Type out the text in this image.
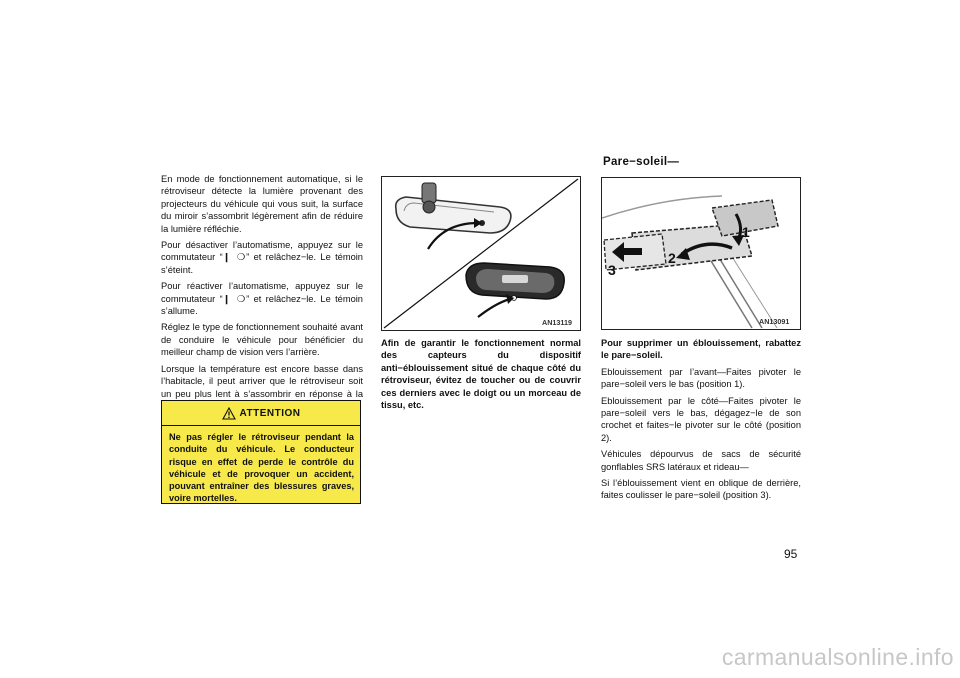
En mode de fonctionnement automatique, si le rétroviseur détecte la lumière provenant des projecteurs du véhicule qui vous suit, la surface du miroir s’assombrit légèrement afin de réduire la lumière réfléchie.

Pour désactiver l’automatisme, appuyez sur le commutateur “❙ ❍” et relâchez−le. Le témoin s’éteint.

Pour réactiver l’automatisme, appuyez sur le commutateur “❙ ❍” et relâchez−le. Le témoin s’allume.

Réglez le type de fonctionnement souhaité avant de conduire le véhicule pour bénéficier du meilleur champ de vision vers l’arrière.

Lorsque la température est encore basse dans l’habitacle, il peut arriver que le rétroviseur soit un peu plus lent à s’assombrir en réponse à la

ATTENTION
Ne pas régler le rétroviseur pendant la conduite du véhicule. Le conducteur risque en effet de perde le contrôle du véhicule et de provoquer un accident, pouvant entraîner des blessures graves, voire mortelles.
AN13119

Afin de garantir le fonctionnement normal des capteurs du dispositif anti−éblouissement situé de chaque côté du rétroviseur, évitez de toucher ou de couvrir ces derniers avec le doigt ou un morceau de tissu, etc.

Pare−soleil—
1
2
3
AN13091

Pour supprimer un éblouissement, rabattez le pare−soleil.

Eblouissement par l’avant—Faites pivoter le pare−soleil vers le bas (position 1).

Eblouissement par le côté—Faites pivoter le pare−soleil vers le bas, dégagez−le de son crochet et faites−le pivoter sur le côté (position 2).

Véhicules dépourvus de sacs de sécurité gonflables SRS latéraux et rideau—

Si l’éblouissement vient en oblique de derrière, faites coulisser le pare−soleil (position 3).

95
carmanualsonline.info
